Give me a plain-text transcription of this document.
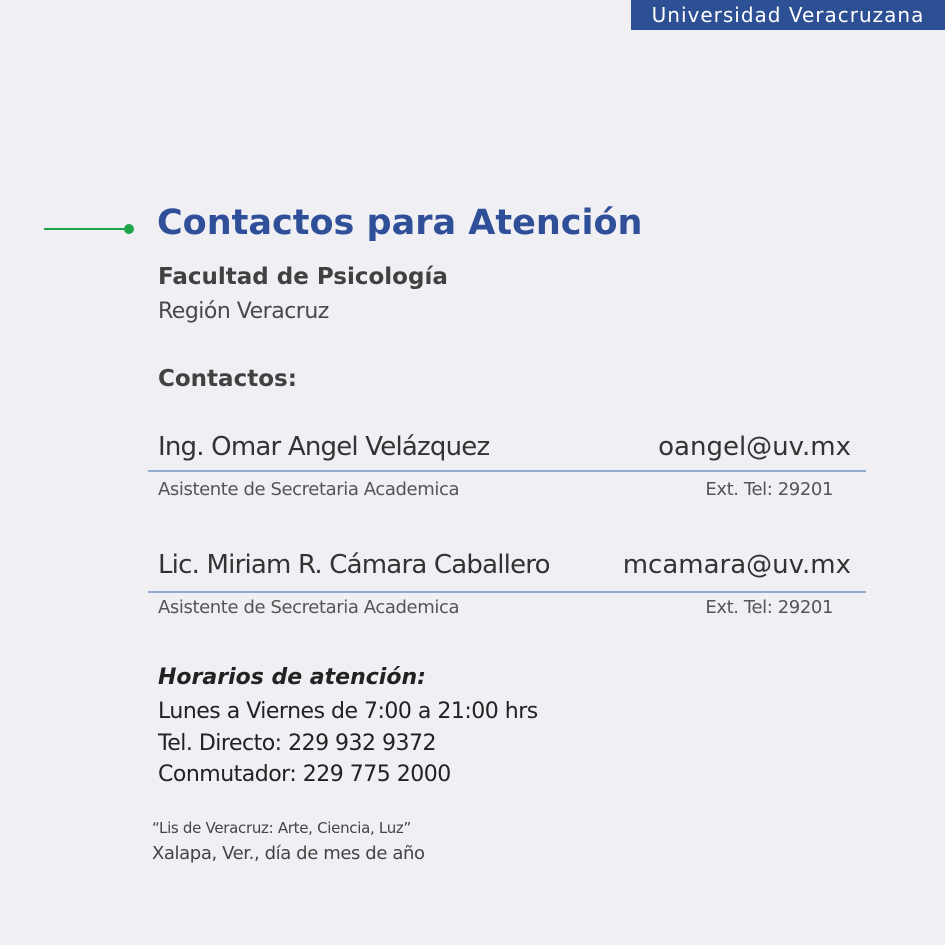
Universidad Veracruzana
Contactos para Atención
Facultad de Psicología
Región Veracruz
Contactos:
Ing. Omar Angel Velázquez	oangel@uv.mx
Asistente de Secretaria Academica	Ext. Tel: 29201
Lic. Miriam R. Cámara Caballero	mcamara@uv.mx
Asistente de Secretaria Academica	Ext. Tel: 29201
Horarios de atención:
Lunes a Viernes de 7:00 a 21:00 hrs
Tel. Directo: 229 932 9372
Conmutador: 229 775 2000
“Lis de Veracruz: Arte, Ciencia, Luz”
Xalapa, Ver., día de mes de año
